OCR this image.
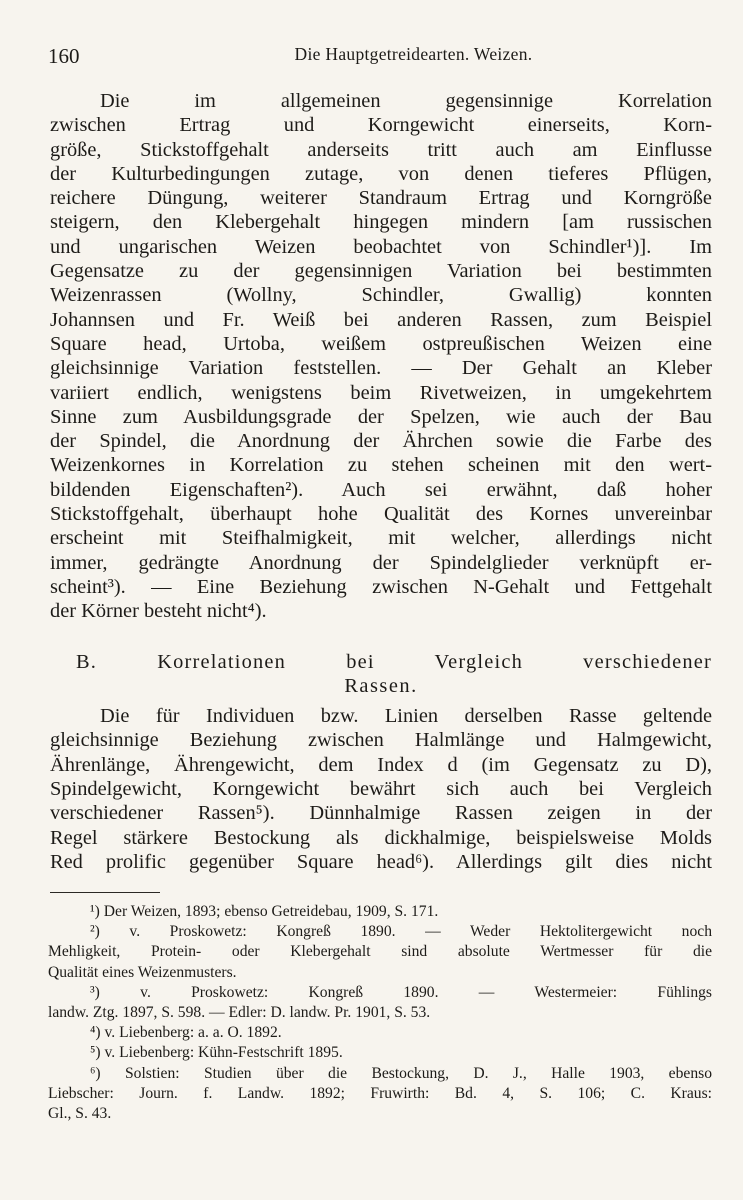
160	Die Hauptgetreidearten. Weizen.
Die im allgemeinen gegensinnige Korrelation
zwischen Ertrag und Korngewicht einerseits, Korn-
größe, Stickstoffgehalt anderseits tritt auch am Einflusse
der Kulturbedingungen zutage, von denen tieferes Pflügen,
reichere Düngung, weiterer Standraum Ertrag und Korngröße
steigern, den Klebergehalt hingegen mindern [am russischen
und ungarischen Weizen beobachtet von Schindler¹)]. Im
Gegensatze zu der gegensinnigen Variation bei bestimmten
Weizenrassen (Wollny, Schindler, Gwallig) konnten
Johannsen und Fr. Weiß bei anderen Rassen, zum Beispiel
Square head, Urtoba, weißem ostpreußischen Weizen eine
gleichsinnige Variation feststellen. — Der Gehalt an Kleber
variiert endlich, wenigstens beim Rivetweizen, in umgekehrtem
Sinne zum Ausbildungsgrade der Spelzen, wie auch der Bau
der Spindel, die Anordnung der Ährchen sowie die Farbe des
Weizenkornes in Korrelation zu stehen scheinen mit den wert-
bildenden Eigenschaften²). Auch sei erwähnt, daß hoher
Stickstoffgehalt, überhaupt hohe Qualität des Kornes unvereinbar
erscheint mit Steifhalmigkeit, mit welcher, allerdings nicht
immer, gedrängte Anordnung der Spindelglieder verknüpft er-
scheint³). — Eine Beziehung zwischen N-Gehalt und Fettgehalt
der Körner besteht nicht⁴).
B. Korrelationen bei Vergleich verschiedener
Rassen.
Die für Individuen bzw. Linien derselben Rasse geltende
gleichsinnige Beziehung zwischen Halmlänge und Halmgewicht,
Ährenlänge, Ährengewicht, dem Index d (im Gegensatz zu D),
Spindelgewicht, Korngewicht bewährt sich auch bei Vergleich
verschiedener Rassen⁵). Dünnhalmige Rassen zeigen in der
Regel stärkere Bestockung als dickhalmige, beispielsweise Molds
Red prolific gegenüber Square head⁶). Allerdings gilt dies nicht
¹) Der Weizen, 1893; ebenso Getreidebau, 1909, S. 171.
²) v. Proskowetz: Kongreß 1890. — Weder Hektolitergewicht noch
Mehligkeit, Protein- oder Klebergehalt sind absolute Wertmesser für die
Qualität eines Weizenmusters.
³) v. Proskowetz: Kongreß 1890. — Westermeier: Fühlings
landw. Ztg. 1897, S. 598. — Edler: D. landw. Pr. 1901, S. 53.
⁴) v. Liebenberg: a. a. O. 1892.
⁵) v. Liebenberg: Kühn-Festschrift 1895.
⁶) Solstien: Studien über die Bestockung, D. J., Halle 1903, ebenso
Liebscher: Journ. f. Landw. 1892; Fruwirth: Bd. 4, S. 106; C. Kraus:
Gl., S. 43.
